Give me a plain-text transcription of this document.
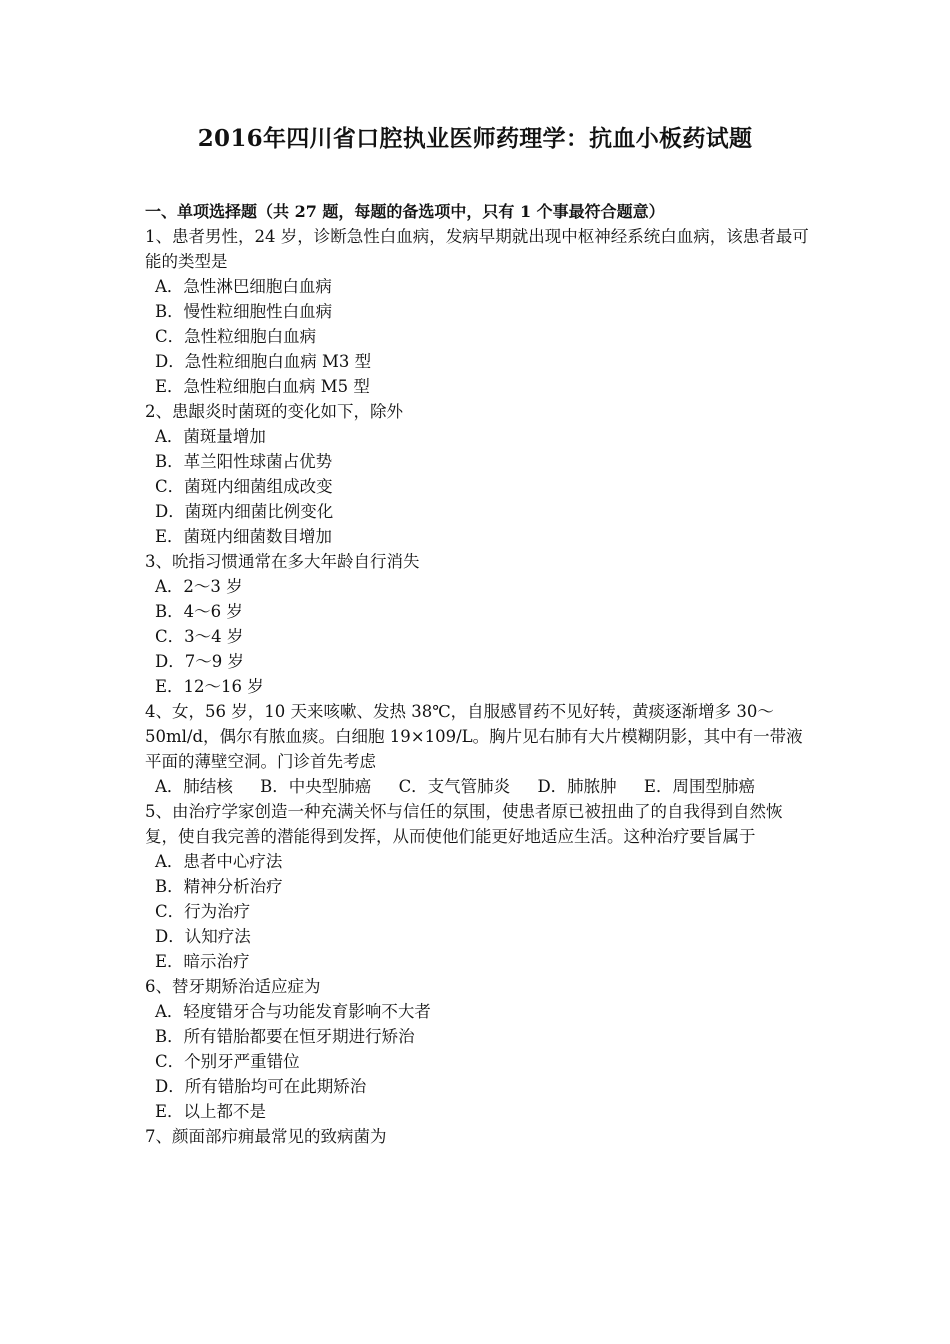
2016年四川省口腔执业医师药理学：抗血小板药试题
一、单项选择题（共 27 题，每题的备选项中，只有 1 个事最符合题意）
1、患者男性，24 岁，诊断急性白血病，发病早期就出现中枢神经系统白血病，该患者最可能的类型是
A．急性淋巴细胞白血病
B．慢性粒细胞性白血病
C．急性粒细胞白血病
D．急性粒细胞白血病 M3 型
E．急性粒细胞白血病 M5 型
2、患龈炎时菌斑的变化如下，除外
A．菌斑量增加
B．革兰阳性球菌占优势
C．菌斑内细菌组成改变
D．菌斑内细菌比例变化
E．菌斑内细菌数目增加
3、吮指习惯通常在多大年龄自行消失
A．2～3 岁
B．4～6 岁
C．3～4 岁
D．7～9 岁
E．12～16 岁
4、女，56 岁，10 天来咳嗽、发热 38℃，自服感冒药不见好转，黄痰逐渐增多 30～50ml/d，偶尔有脓血痰。白细胞 19×109/L。胸片见右肺有大片模糊阴影，其中有一带液平面的薄壁空洞。门诊首先考虑
A．肺结核 B．中央型肺癌 C．支气管肺炎 D．肺脓肿 E．周围型肺癌
5、由治疗学家创造一种充满关怀与信任的氛围，使患者原已被扭曲了的自我得到自然恢复，使自我完善的潜能得到发挥，从而使他们能更好地适应生活。这种治疗要旨属于
A．患者中心疗法
B．精神分析治疗
C．行为治疗
D．认知疗法
E．暗示治疗
6、替牙期矫治适应症为
A．轻度错牙合与功能发育影响不大者
B．所有错胎都要在恒牙期进行矫治
C．个别牙严重错位
D．所有错胎均可在此期矫治
E．以上都不是
7、颜面部疖痈最常见的致病菌为
